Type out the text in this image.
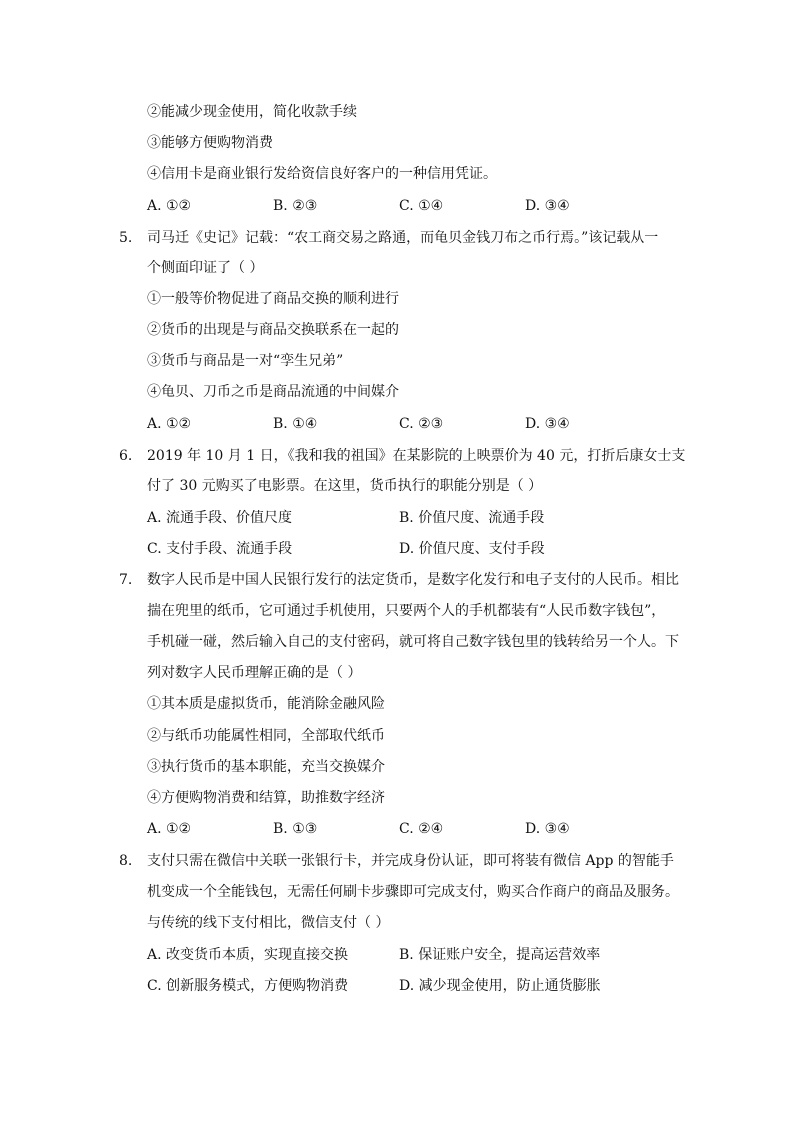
②能减少现金使用，简化收款手续
③能够方便购物消费
④信用卡是商业银行发给资信良好客户的一种信用凭证。
A. ①②	B. ②③	C. ①④	D. ③④
5. 司马迁《史记》记载：“农工商交易之路通，而龟贝金钱刀布之币行焉。”该记载从一
个侧面印证了（ ）
①一般等价物促进了商品交换的顺利进行
②货币的出现是与商品交换联系在一起的
③货币与商品是一对“孪生兄弟”
④龟贝、刀币之币是商品流通的中间媒介
A. ①②	B. ①④	C. ②③	D. ③④
6. 2019 年 10 月 1 日，《我和我的祖国》在某影院的上映票价为 40 元，打折后康女士支
付了 30 元购买了电影票。在这里，货币执行的职能分别是（ ）
A. 流通手段、价值尺度	B. 价值尺度、流通手段
C. 支付手段、流通手段	D. 价值尺度、支付手段
7. 数字人民币是中国人民银行发行的法定货币，是数字化发行和电子支付的人民币。相比
揣在兜里的纸币，它可通过手机使用，只要两个人的手机都装有“人民币数字钱包”，
手机碰一碰，然后输入自己的支付密码，就可将自己数字钱包里的钱转给另一个人。下
列对数字人民币理解正确的是（ ）
①其本质是虚拟货币，能消除金融风险
②与纸币功能属性相同，全部取代纸币
③执行货币的基本职能，充当交换媒介
④方便购物消费和结算，助推数字经济
A. ①②	B. ①③	C. ②④	D. ③④
8. 支付只需在微信中关联一张银行卡，并完成身份认证，即可将装有微信 App 的智能手
机变成一个全能钱包，无需任何刷卡步骤即可完成支付，购买合作商户的商品及服务。
与传统的线下支付相比，微信支付（ ）
A. 改变货币本质，实现直接交换	B. 保证账户安全，提高运营效率
C. 创新服务模式，方便购物消费	D. 减少现金使用，防止通货膨胀
